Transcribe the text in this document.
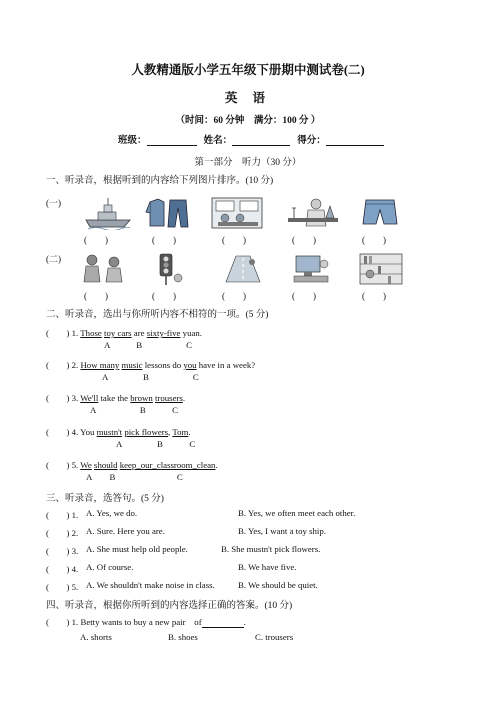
人教精通版小学五年级下册期中测试卷(二)
英 语
（时间：60 分钟　满分：100 分 ）
班级：	姓名：	得分：
第一部分　听力（30 分）
一、听录音，根据听到的内容给下列图片排序。(10 分)
(一)
(　　)	(　　)	(　　)	(　　)	(　　)
(二)
(　　)	(　　)	(　　)	(　　)	(　　)
二、听录音，选出与你所听内容不相符的一项。(5 分)
(　　) 1. Those toy cars are sixty-five yuan.
A　　　B　　　　　C
(　　) 2. How many music lessons do you have in a week?
A　　　　B　　　　　C
(　　) 3. We'll take the brown trousers.
A　　　　　B　　　C
(　　) 4. You mustn't pick flowers, Tom.
A　　　　B　　　C
(　　) 5. We should keep_our_classroom_clean.
A　　B　　　　　　　C
三、听录音，选答句。(5 分)
(　　) 1. A. Yes, we do.	B. Yes, we often meet each other.
(　　) 2. A. Sure. Here you are.	B. Yes, I want a toy ship.
(　　) 3. A. She must help old people.	B. She mustn't pick flowers.
(　　) 4. A. Of course.	B. We have five.
(　　) 5. A. We shouldn't make noise in class.	B. We should be quiet.
四、听录音，根据你所听到的内容选择正确的答案。(10 分)
(　　) 1. Betty wants to buy a new pair　of	.
A. shorts	B. shoes	C. trousers
